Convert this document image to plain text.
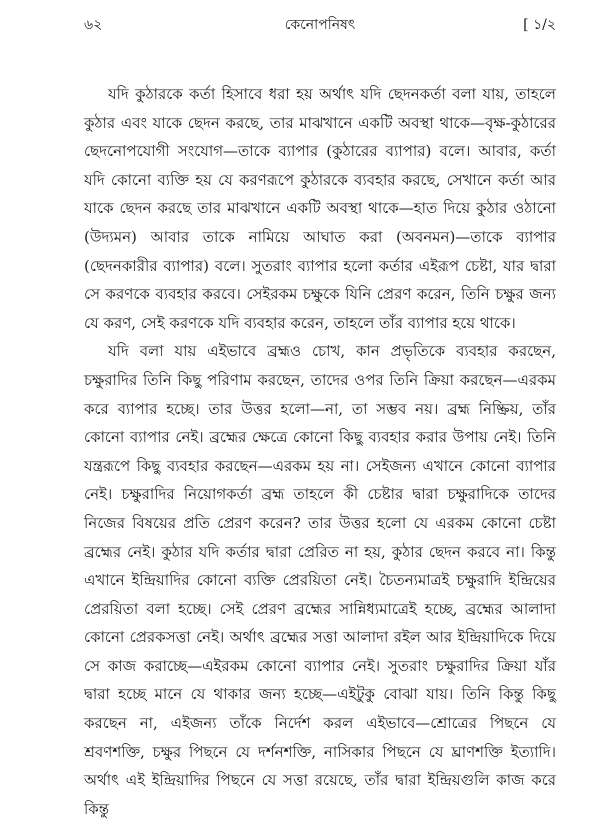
৬২	কেনোপনিষৎ	[ ১/২

যদি কুঠারকে কর্তা হিসাবে ধরা হয় অর্থাৎ যদি ছেদনকর্তা বলা যায়, তাহলে কুঠার এবং যাকে ছেদন করছে, তার মাঝখানে একটি অবস্থা থাকে—বৃক্ষ-কুঠারের ছেদনোপযোগী সংযোগ—তাকে ব্যাপার (কুঠারের ব্যাপার) বলে। আবার, কর্তা যদি কোনো ব্যক্তি হয় যে করণরূপে কুঠারকে ব্যবহার করছে, সেখানে কর্তা আর যাকে ছেদন করছে তার মাঝখানে একটি অবস্থা থাকে—হাত দিয়ে কুঠার ওঠানো (উদ্যমন) আবার তাকে নামিয়ে আঘাত করা (অবনমন)—তাকে ব্যাপার (ছেদনকারীর ব্যাপার) বলে। সুতরাং ব্যাপার হলো কর্তার এইরূপ চেষ্টা, যার দ্বারা সে করণকে ব্যবহার করবে। সেইরকম চক্ষুকে যিনি প্রেরণ করেন, তিনি চক্ষুর জন্য যে করণ, সেই করণকে যদি ব্যবহার করেন, তাহলে তাঁর ব্যাপার হয়ে থাকে।

যদি বলা যায় এইভাবে ব্রহ্মও চোখ, কান প্রভৃতিকে ব্যবহার করছেন, চক্ষুরাদির তিনি কিছু পরিণাম করছেন, তাদের ওপর তিনি ক্রিয়া করছেন—এরকম করে ব্যাপার হচ্ছে। তার উত্তর হলো—না, তা সম্ভব নয়। ব্রহ্ম নিষ্ক্রিয়, তাঁর কোনো ব্যাপার নেই। ব্রহ্মের ক্ষেত্রে কোনো কিছু ব্যবহার করার উপায় নেই। তিনি যন্ত্ররূপে কিছু ব্যবহার করছেন—এরকম হয় না। সেইজন্য এখানে কোনো ব্যাপার নেই। চক্ষুরাদির নিয়োগকর্তা ব্রহ্ম তাহলে কী চেষ্টার দ্বারা চক্ষুরাদিকে তাদের নিজের বিষয়ের প্রতি প্রেরণ করেন? তার উত্তর হলো যে এরকম কোনো চেষ্টা ব্রহ্মের নেই। কুঠার যদি কর্তার দ্বারা প্রেরিত না হয়, কুঠার ছেদন করবে না। কিন্তু এখানে ইন্দ্রিয়াদির কোনো ব্যক্তি প্রেরয়িতা নেই। চৈতন্যমাত্রই চক্ষুরাদি ইন্দ্রিয়ের প্রেরয়িতা বলা হচ্ছে। সেই প্রেরণ ব্রহ্মের সান্নিধ্যমাত্রেই হচ্ছে, ব্রহ্মের আলাদা কোনো প্রেরকসত্তা নেই। অর্থাৎ ব্রহ্মের সত্তা আলাদা রইল আর ইন্দ্রিয়াদিকে দিয়ে সে কাজ করাচ্ছে—এইরকম কোনো ব্যাপার নেই। সুতরাং চক্ষুরাদির ক্রিয়া যাঁর দ্বারা হচ্ছে মানে যে থাকার জন্য হচ্ছে—এইটুকু বোঝা যায়। তিনি কিন্তু কিছু করছেন না, এইজন্য তাঁকে নির্দেশ করল এইভাবে—শ্রোত্রের পিছনে যে শ্রবণশক্তি, চক্ষুর পিছনে যে দর্শনশক্তি, নাসিকার পিছনে যে ঘ্রাণশক্তি ইত্যাদি। অর্থাৎ এই ইন্দ্রিয়াদির পিছনে যে সত্তা রয়েছে, তাঁর দ্বারা ইন্দ্রিয়গুলি কাজ করে কিন্তু
